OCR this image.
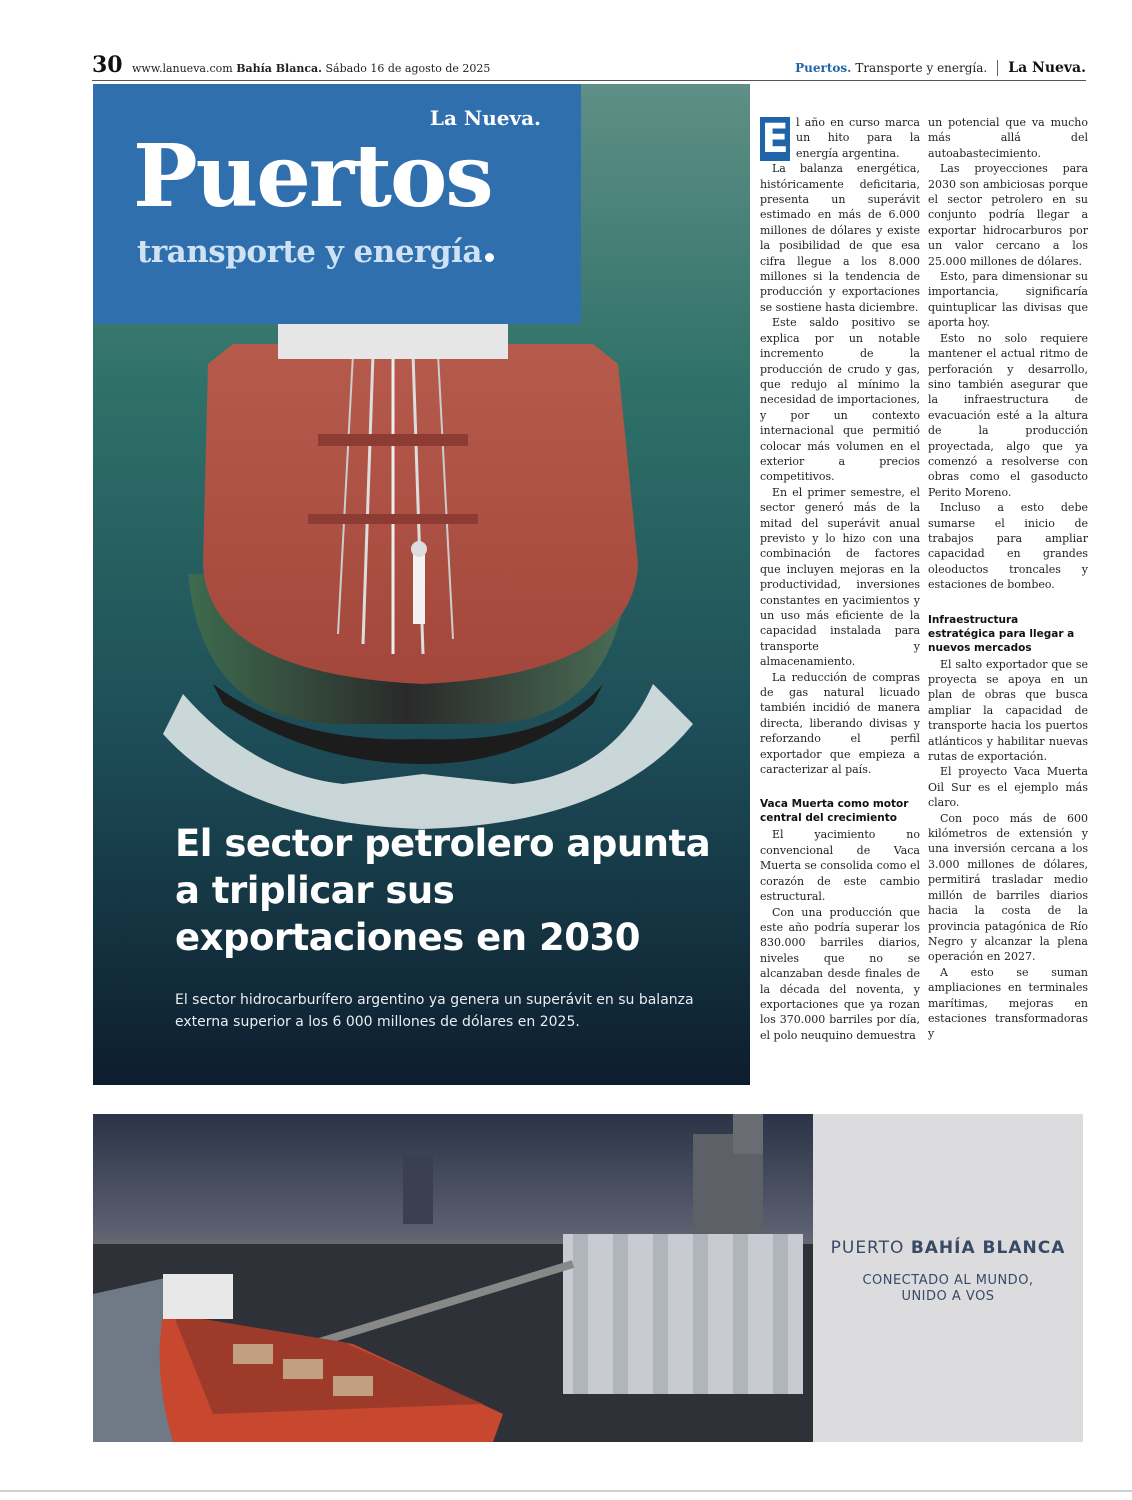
30 www.lanueva.com Bahía Blanca. Sábado 16 de agosto de 2025	Puertos. Transporte y energía. La Nueva.
La Nueva.
Puertos
transporte y energía
El sector petrolero apunta a triplicar sus exportaciones en 2030
El sector hidrocarburífero argentino ya genera un superávit en su balanza externa superior a los 6 000 millones de dólares en 2025.

E l año en curso marca un hito para la energía argentina.

La balanza energética, históricamente deficitaria, presenta un superávit estimado en más de 6.000 millones de dólares y existe la posibilidad de que esa cifra llegue a los 8.000 millones si la tendencia de producción y exportaciones se sostiene hasta diciembre.

Este saldo positivo se explica por un notable incremento de la producción de crudo y gas, que redujo al mínimo la necesidad de importaciones, y por un contexto internacional que permitió colocar más volumen en el exterior a precios competitivos.

En el primer semestre, el sector generó más de la mitad del superávit anual previsto y lo hizo con una combinación de factores que incluyen mejoras en la productividad, inversiones constantes en yacimientos y un uso más eficiente de la capacidad instalada para transporte y almacenamiento.

La reducción de compras de gas natural licuado también incidió de manera directa, liberando divisas y reforzando el perfil exportador que empieza a caracterizar al país.

Vaca Muerta como motor central del crecimiento

El yacimiento no convencional de Vaca Muerta se consolida como el corazón de este cambio estructural.

Con una producción que este año podría superar los 830.000 barriles diarios, niveles que no se alcanzaban desde finales de la década del noventa, y exportaciones que ya rozan los 370.000 barriles por día, el polo neuquino demuestra

un potencial que va mucho más allá del autoabastecimiento.

Las proyecciones para 2030 son ambiciosas porque el sector petrolero en su conjunto podría llegar a exportar hidrocarburos por un valor cercano a los 25.000 millones de dólares.

Esto, para dimensionar su importancia, significaría quintuplicar las divisas que aporta hoy.

Esto no solo requiere mantener el actual ritmo de perforación y desarrollo, sino también asegurar que la infraestructura de evacuación esté a la altura de la producción proyectada, algo que ya comenzó a resolverse con obras como el gasoducto Perito Moreno.

Incluso a esto debe sumarse el inicio de trabajos para ampliar capacidad en grandes oleoductos troncales y estaciones de bombeo.

Infraestructura estratégica para llegar a nuevos mercados

El salto exportador que se proyecta se apoya en un plan de obras que busca ampliar la capacidad de transporte hacia los puertos atlánticos y habilitar nuevas rutas de exportación.

El proyecto Vaca Muerta Oil Sur es el ejemplo más claro.

Con poco más de 600 kilómetros de extensión y una inversión cercana a los 3.000 millones de dólares, permitirá trasladar medio millón de barriles diarios hacia la costa de la provincia patagónica de Río Negro y alcanzar la plena operación en 2027.

A esto se suman ampliaciones en terminales marítimas, mejoras en estaciones transformadoras y

PUERTO BAHÍA BLANCA
CONECTADO AL MUNDO,
UNIDO A VOS
